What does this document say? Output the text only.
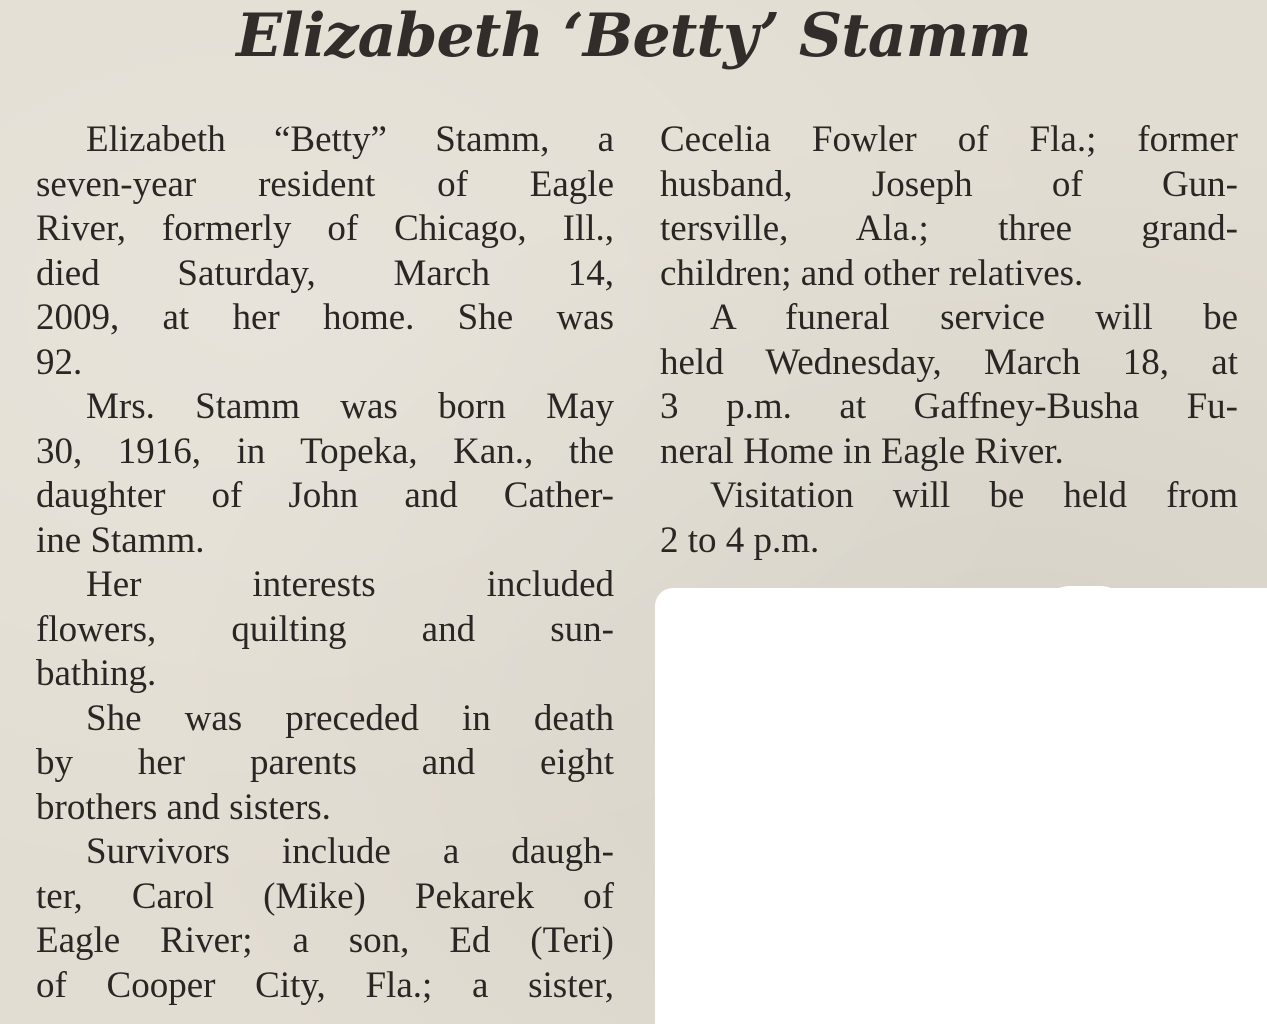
Elizabeth ‘Betty’ Stamm
Elizabeth “Betty” Stamm, a
seven-year resident of Eagle
River, formerly of Chicago, Ill.,
died Saturday, March 14,
2009, at her home. She was
92.
Mrs. Stamm was born May
30, 1916, in Topeka, Kan., the
daughter of John and Cather-
ine Stamm.
Her interests included
flowers, quilting and sun-
bathing.
She was preceded in death
by her parents and eight
brothers and sisters.
Survivors include a daugh-
ter, Carol (Mike) Pekarek of
Eagle River; a son, Ed (Teri)
of Cooper City, Fla.; a sister,
Cecelia Fowler of Fla.; former
husband, Joseph of Gun-
tersville, Ala.; three grand-
children; and other relatives.
A funeral service will be
held Wednesday, March 18, at
3 p.m. at Gaffney-Busha Fu-
neral Home in Eagle River.
Visitation will be held from
2 to 4 p.m.
